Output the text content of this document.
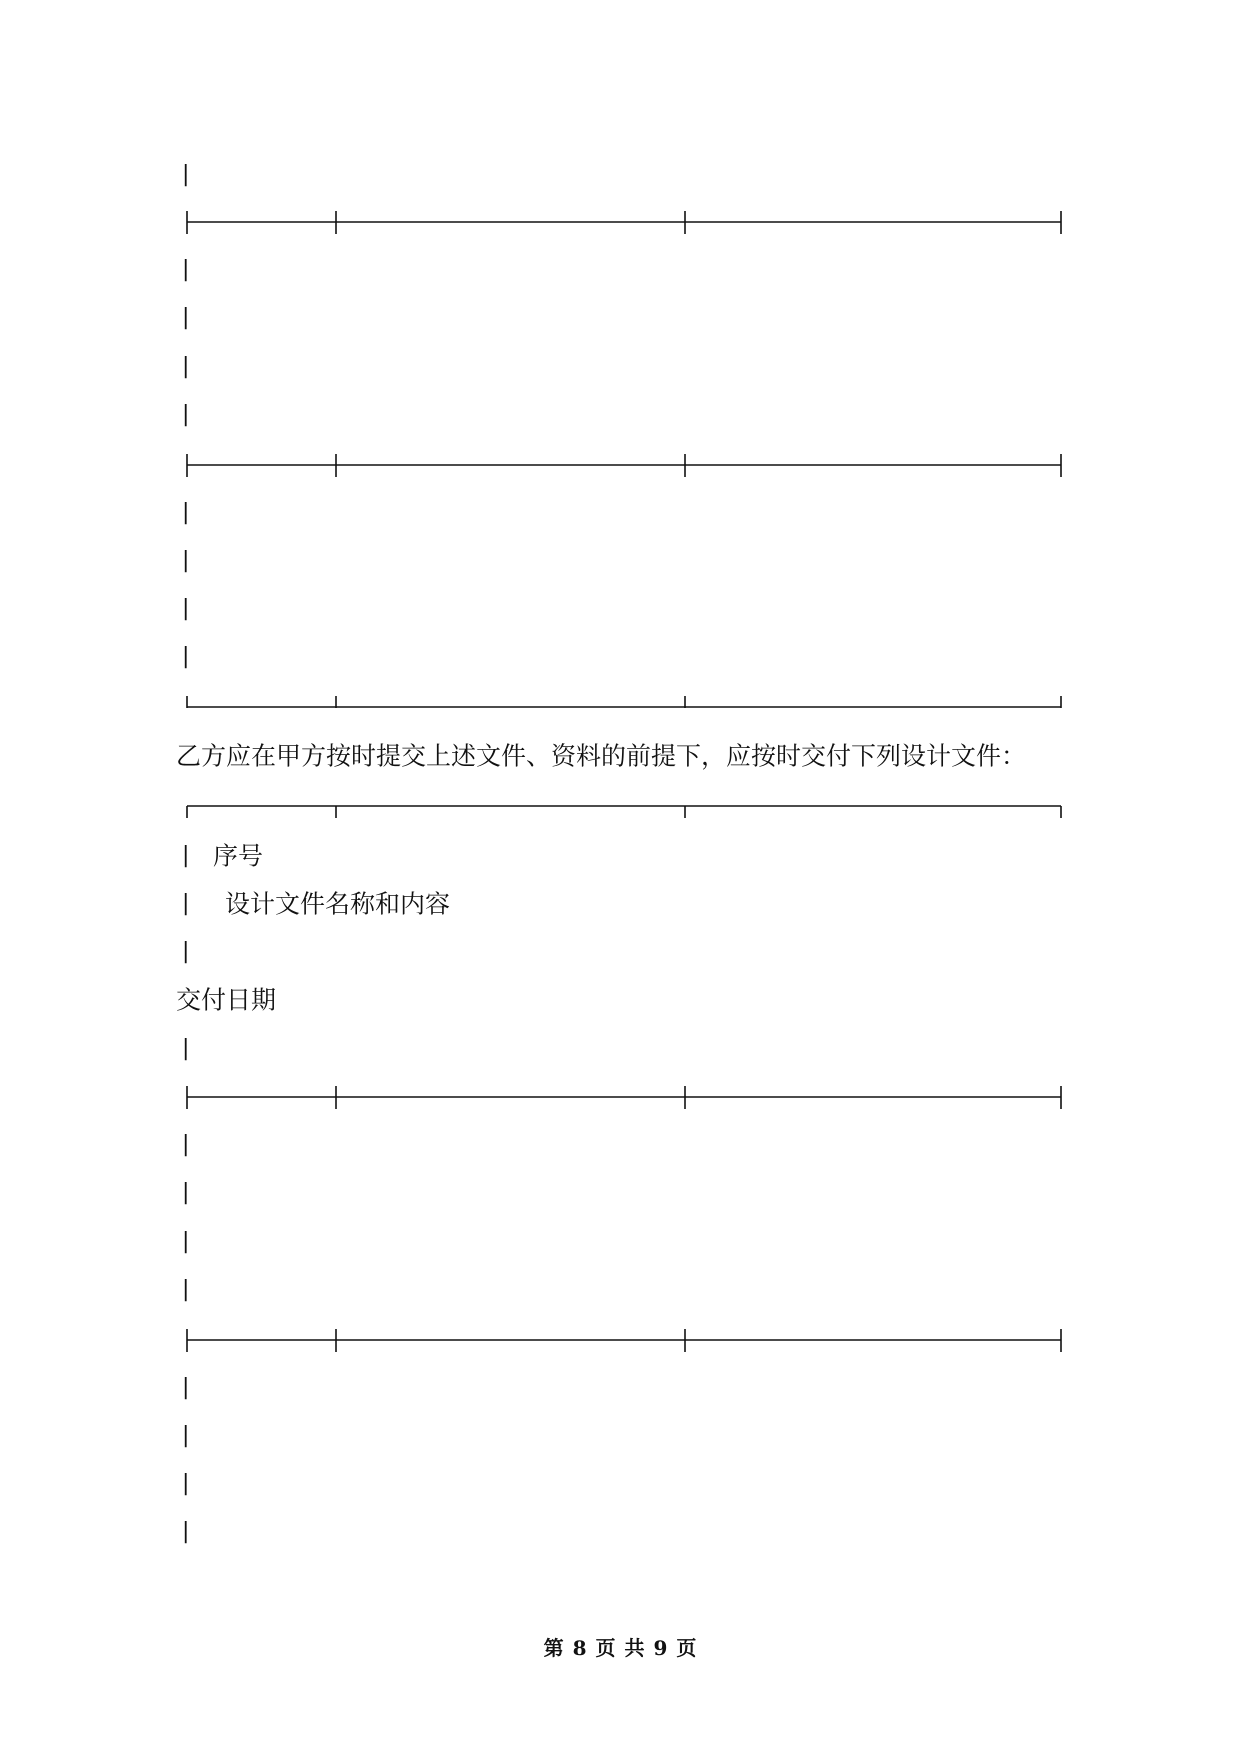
|
|
|
|
|
|
|
|
|
乙方应在甲方按时提交上述文件、资料的前提下，应按时交付下列设计文件：
| 序号
| 设计文件名称和内容
|
交付日期
|
|
|
|
|
|
|
|
|
第 8 页 共 9 页
